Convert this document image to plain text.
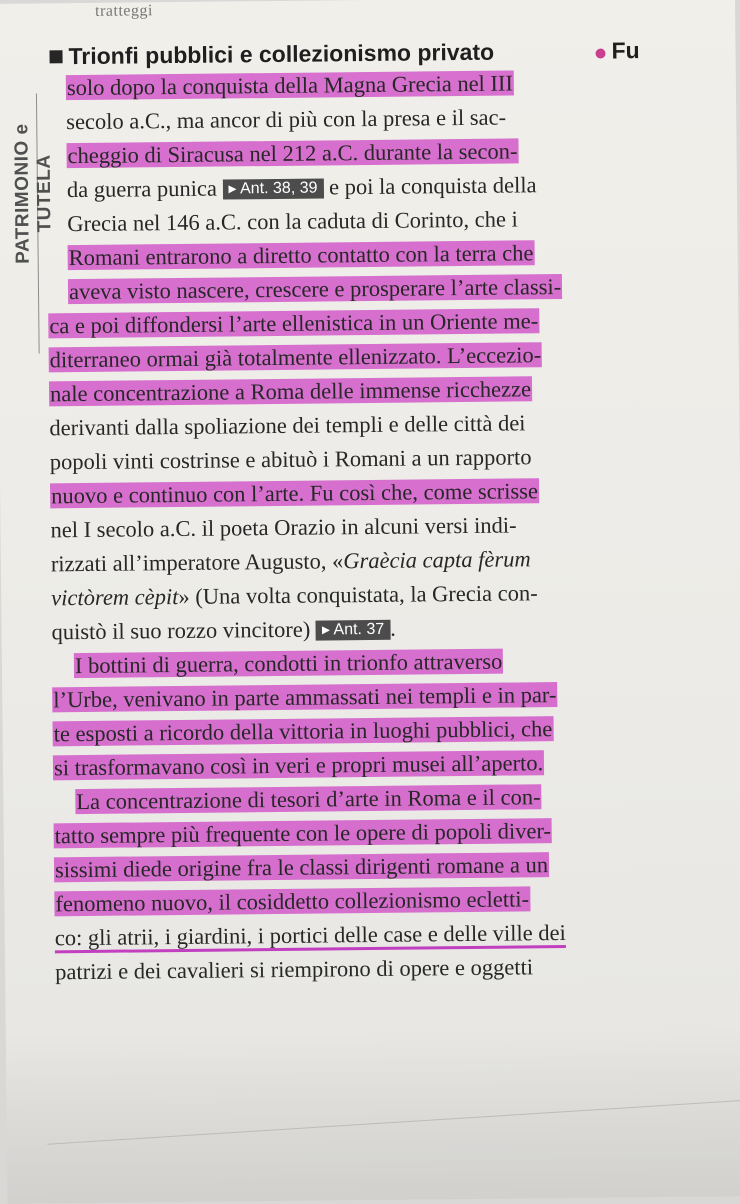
tratteggi
PATRIMONIO e TUTELA
Trionfi pubblici e collezionismo privato	Fu
solo dopo la conquista della Magna Grecia nel III
secolo a.C., ma ancor di più con la presa e il sac-
cheggio di Siracusa nel 212 a.C. durante la secon-
da guerra punica ▸ Ant. 38, 39 e poi la conquista della
Grecia nel 146 a.C. con la caduta di Corinto, che i
Romani entrarono a diretto contatto con la terra che
aveva visto nascere, crescere e prosperare l’arte classi-
ca e poi diffondersi l’arte ellenistica in un Oriente me-
diterraneo ormai già totalmente ellenizzato. L’eccezio-
nale concentrazione a Roma delle immense ricchezze
derivanti dalla spoliazione dei templi e delle città dei
popoli vinti costrinse e abituò i Romani a un rapporto
nuovo e continuo con l’arte. Fu così che, come scrisse
nel I secolo a.C. il poeta Orazio in alcuni versi indi-
rizzati all’imperatore Augusto, «Graècia capta fèrum
victòrem cèpit» (Una volta conquistata, la Grecia con-
quistò il suo rozzo vincitore) ▸ Ant. 37 .
I bottini di guerra, condotti in trionfo attraverso
l’Urbe, venivano in parte ammassati nei templi e in par-
te esposti a ricordo della vittoria in luoghi pubblici, che
si trasformavano così in veri e propri musei all’aperto.
La concentrazione di tesori d’arte in Roma e il con-
tatto sempre più frequente con le opere di popoli diver-
sissimi diede origine fra le classi dirigenti romane a un
fenomeno nuovo, il cosiddetto collezionismo ecletti-
co: gli atrii, i giardini, i portici delle case e delle ville dei
patrizi e dei cavalieri si riempirono di opere e oggetti
